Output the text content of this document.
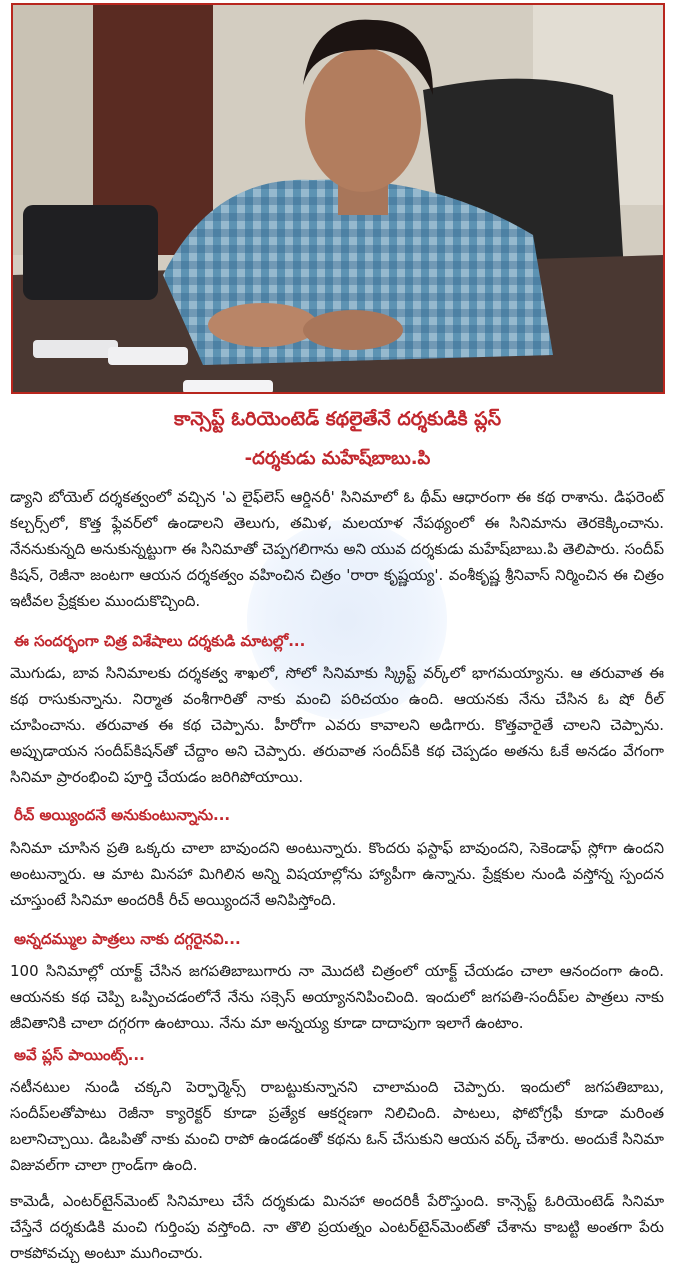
కాన్సెప్ట్ ఓరియెంటెడ్ కథలైతేనే దర్శకుడికి ప్లస్
-దర్శకుడు మహేష్‌బాబు.పి
డ్యాని బోయెల్ దర్శకత్వంలో వచ్చిన 'ఎ లైఫ్‌లెస్ ఆర్డినరీ' సినిమాలో ఓ థీమ్ ఆధారంగా ఈ కథ రాశాను. డిఫరెంట్ కల్చర్స్‌లో, కొత్త ఫ్లేవర్‌లో ఉండాలని తెలుగు, తమిళ, మలయాళ నేపథ్యంలో ఈ సినిమాను తెరకెక్కించాను. నేననుకున్నది అనుకున్నట్టుగా ఈ సినిమాతో చెప్పగలిగాను అని యువ దర్శకుడు మహేష్‌బాబు.పి తెలిపారు. సందీప్ కిషన్, రెజీనా జంటగా ఆయన దర్శకత్వం వహించిన చిత్రం 'రారా కృష్ణయ్య'. వంశీకృష్ణ శ్రీనివాస్ నిర్మించిన ఈ చిత్రం ఇటీవల ప్రేక్షకుల ముందుకొచ్చింది.
ఈ సందర్భంగా చిత్ర విశేషాలు దర్శకుడి మాటల్లో...
మొగుడు, బావ సినిమాలకు దర్శకత్వ శాఖలో, సోలో సినిమాకు స్క్రిప్ట్ వర్క్‌లో భాగమయ్యాను. ఆ తరువాత ఈ కథ రాసుకున్నాను. నిర్మాత వంశీగారితో నాకు మంచి పరిచయం ఉంది. ఆయనకు నేను చేసిన ఓ షో రీల్ చూపించాను. తరువాత ఈ కథ చెప్పాను. హీరోగా ఎవరు కావాలని అడిగారు. కొత్తవారైతే చాలని చెప్పాను. అప్పుడాయన సందీప్‌కిషన్‌తో చేద్దాం అని చెప్పారు. తరువాత సందీప్‌కి కథ చెప్పడం అతను ఓకే అనడం వేగంగా సినిమా ప్రారంభించి పూర్తి చేయడం జరిగిపోయాయి.
రీచ్ అయ్యిందనే అనుకుంటున్నాను...
సినిమా చూసిన ప్రతి ఒక్కరు చాలా బావుందని అంటున్నారు. కొందరు ఫస్టాఫ్ బావుందని, సెకెండాఫ్ స్లోగా ఉందని అంటున్నారు. ఆ మాట మినహా మిగిలిన అన్ని విషయాల్లోను హ్యాపీగా ఉన్నాను. ప్రేక్షకుల నుండి వస్తోన్న స్పందన చూస్తుంటే సినిమా అందరికీ రీచ్ అయ్యిందనే అనిపిస్తోంది.
అన్నదమ్ముల పాత్రలు నాకు దగ్గరైనవి...
100 సినిమాల్లో యాక్ట్ చేసిన జగపతిబాబుగారు నా మొదటి చిత్రంలో యాక్ట్ చేయడం చాలా ఆనందంగా ఉంది. ఆయనకు కథ చెప్పి ఒప్పించడంలోనే నేను సక్సెస్ అయ్యాననిపించింది. ఇందులో జగపతి-సందీప్‌ల పాత్రలు నాకు జీవితానికి చాలా దగ్గరగా ఉంటాయి. నేను మా అన్నయ్య కూడా దాదాపుగా ఇలాగే ఉంటాం.
అవే ప్లస్ పాయింట్స్...
నటీనటుల నుండి చక్కని పెర్ఫార్మెన్స్ రాబట్టుకున్నానని చాలామంది చెప్పారు. ఇందులో జగపతిబాబు, సందీప్‌లతోపాటు రెజీనా క్యారెక్టర్ కూడా ప్రత్యేక ఆకర్షణగా నిలిచింది. పాటలు, ఫోటోగ్రఫీ కూడా మరింత బలానిచ్చాయి. డిఒపితో నాకు మంచి రాపో ఉండడంతో కథను ఓన్ చేసుకుని ఆయన వర్క్ చేశారు. అందుకే సినిమా విజువల్‌గా చాలా గ్రాండ్‌గా ఉంది.
కామెడీ, ఎంటర్‌టైన్‌మెంట్ సినిమాలు చేసే దర్శకుడు మినహా అందరికీ పేరొస్తుంది. కాన్సెప్ట్ ఓరియెంటెడ్ సినిమా చేస్తేనే దర్శకుడికి మంచి గుర్తింపు వస్తోంది. నా తొలి ప్రయత్నం ఎంటర్‌టైన్‌మెంట్‌తో చేశాను కాబట్టి అంతగా పేరు రాకపోవచ్చు అంటూ ముగించారు.
